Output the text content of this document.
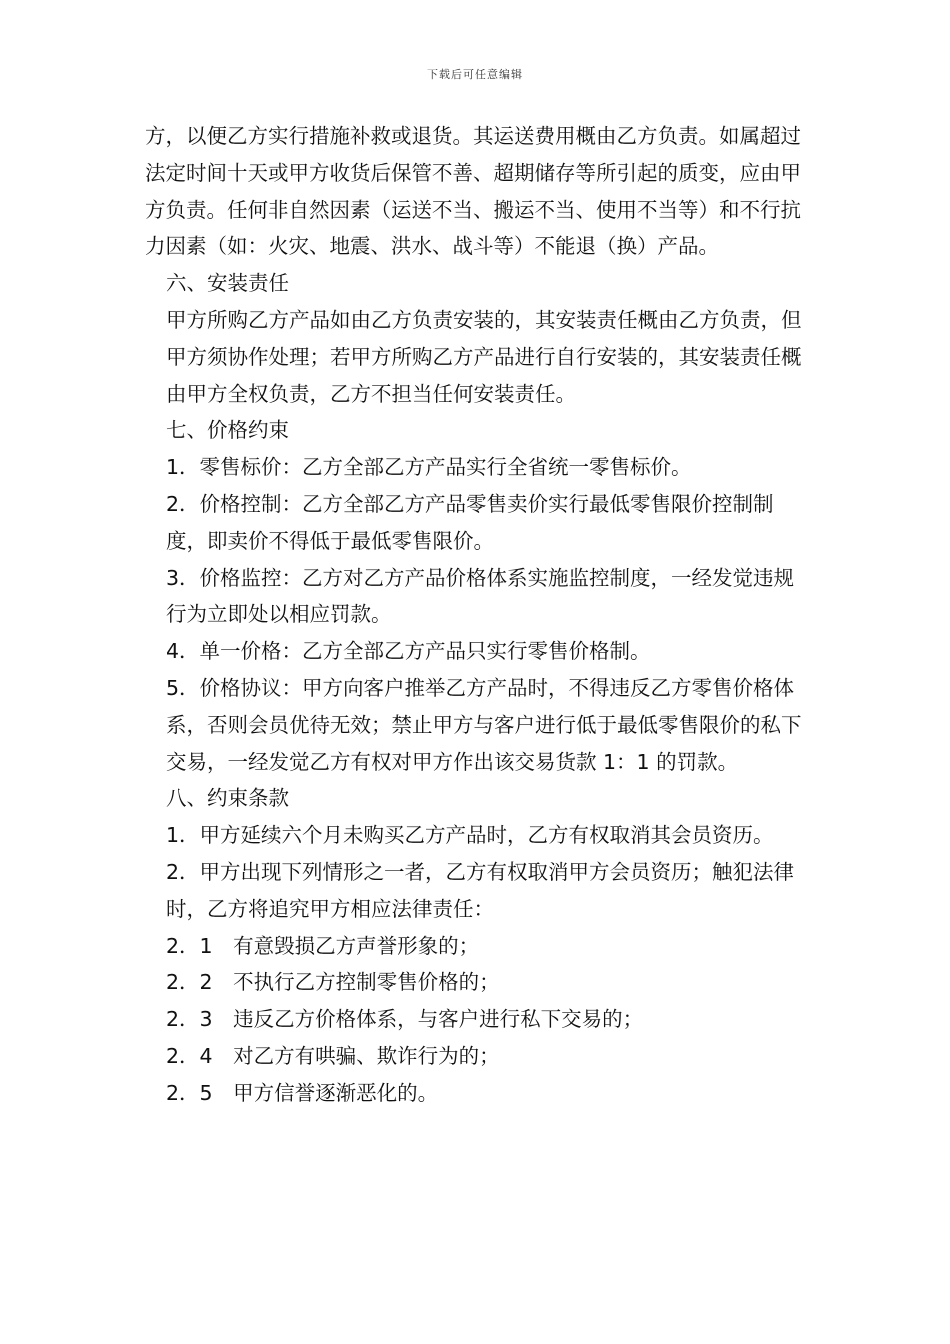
下载后可任意编辑

方，以便乙方实行措施补救或退货。其运送费用概由乙方负责。如属超过法定时间十天或甲方收货后保管不善、超期储存等所引起的质变，应由甲方负责。任何非自然因素（运送不当、搬运不当、使用不当等）和不行抗力因素（如：火灾、地震、洪水、战斗等）不能退（换）产品。

六、安装责任

甲方所购乙方产品如由乙方负责安装的，其安装责任概由乙方负责，但甲方须协作处理；若甲方所购乙方产品进行自行安装的，其安装责任概由甲方全权负责，乙方不担当任何安装责任。

七、价格约束

1．零售标价：乙方全部乙方产品实行全省统一零售标价。

2．价格控制：乙方全部乙方产品零售卖价实行最低零售限价控制制度，即卖价不得低于最低零售限价。

3．价格监控：乙方对乙方产品价格体系实施监控制度，一经发觉违规行为立即处以相应罚款。

4．单一价格：乙方全部乙方产品只实行零售价格制。

5．价格协议：甲方向客户推举乙方产品时，不得违反乙方零售价格体系，否则会员优待无效；禁止甲方与客户进行低于最低零售限价的私下交易，一经发觉乙方有权对甲方作出该交易货款 1：1 的罚款。

八、约束条款

1．甲方延续六个月未购买乙方产品时，乙方有权取消其会员资历。

2．甲方出现下列情形之一者，乙方有权取消甲方会员资历；触犯法律时，乙方将追究甲方相应法律责任：

2．1　有意毁损乙方声誉形象的；

2．2　不执行乙方控制零售价格的；

2．3　违反乙方价格体系，与客户进行私下交易的；

2．4　对乙方有哄骗、欺诈行为的；

2．5　甲方信誉逐渐恶化的。
